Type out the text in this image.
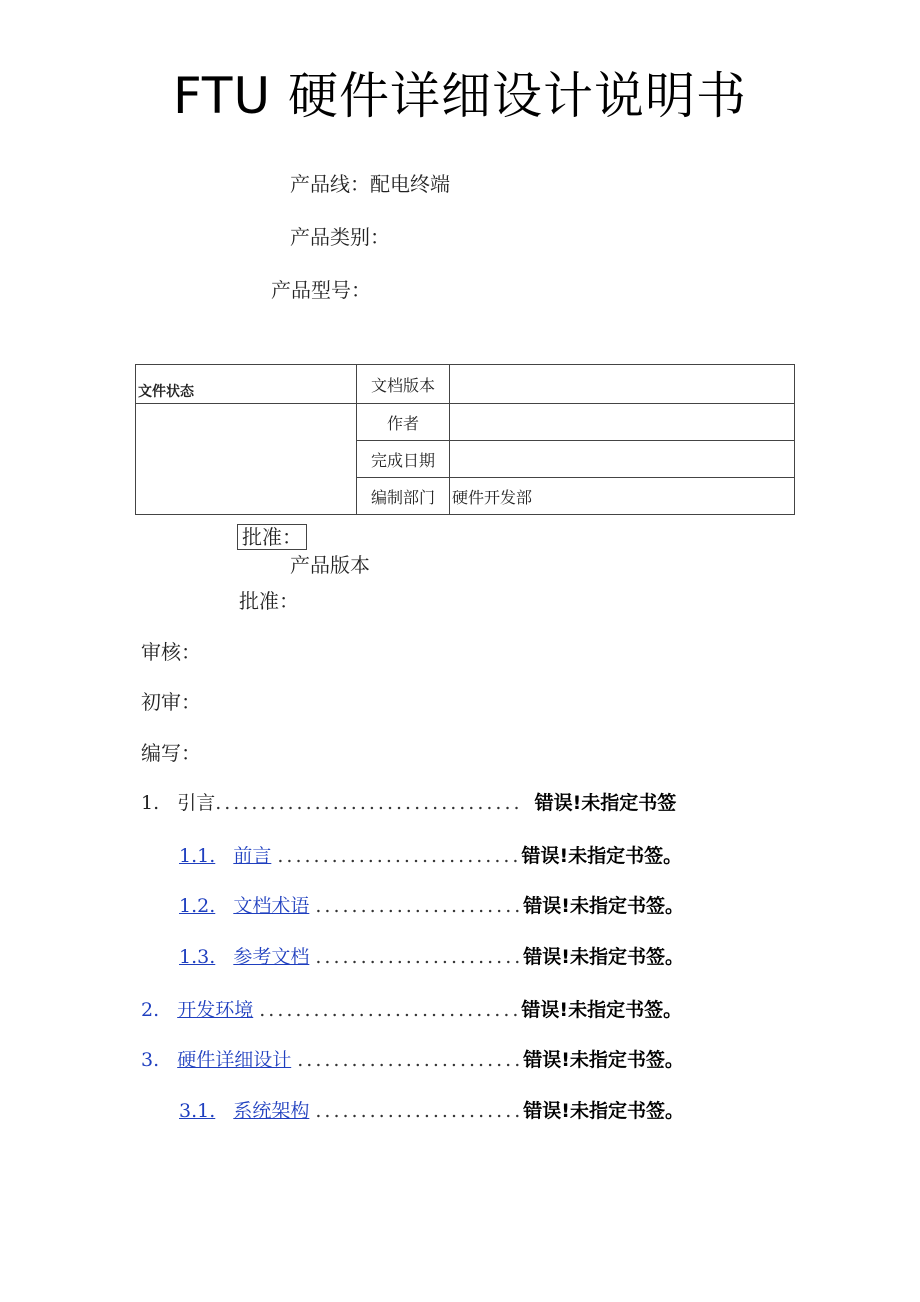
FTU 硬件详细设计说明书
产品线：配电终端
产品类别：
产品型号：
文件状态	文档版本	
	作者	
	完成日期	
	编制部门	硬件开发部
批准：
产品版本
批准：
审核：
初审：
编写：
1. 引言.................................. 错误!未指定书签
1.1. 前言 ...........................错误!未指定书签。
1.2. 文档术语 .......................错误!未指定书签。
1.3. 参考文档 .......................错误!未指定书签。
2. 开发环境 .............................错误!未指定书签。
3. 硬件详细设计 .........................错误!未指定书签。
3.1. 系统架构 .......................错误!未指定书签。
